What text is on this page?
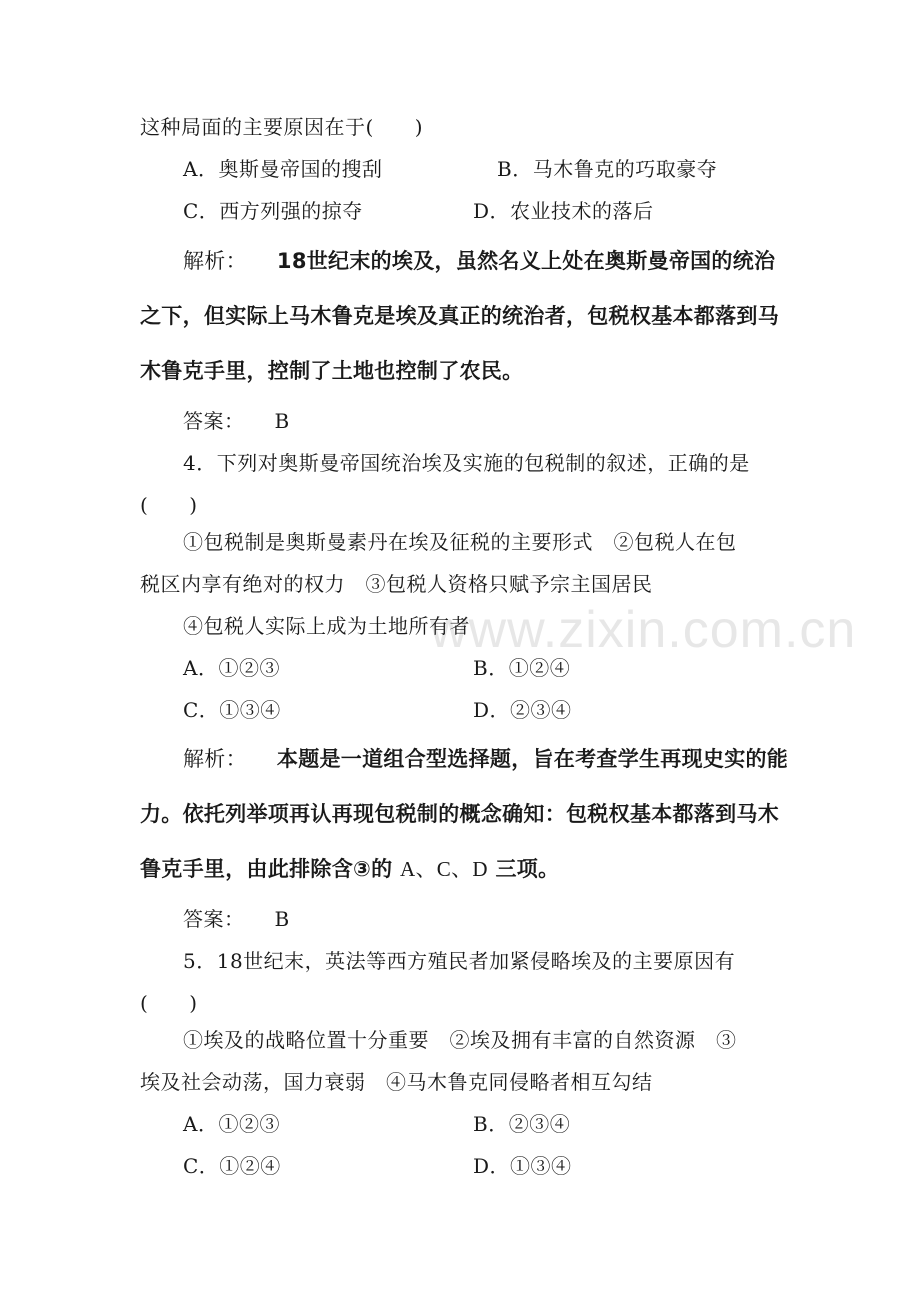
www.zixin.com.cn
这种局面的主要原因在于(　　)
A．奥斯曼帝国的搜刮	B．马木鲁克的巧取豪夺
C．西方列强的掠夺	D．农业技术的落后
解析： 18世纪末的埃及，虽然名义上处在奥斯曼帝国的统治
之下，但实际上马木鲁克是埃及真正的统治者，包税权基本都落到马
木鲁克手里，控制了土地也控制了农民。
答案： B
4．下列对奥斯曼帝国统治埃及实施的包税制的叙述，正确的是
(　　)
①包税制是奥斯曼素丹在埃及征税的主要形式　②包税人在包
税区内享有绝对的权力　③包税人资格只赋予宗主国居民
④包税人实际上成为土地所有者
A．①②③	B．①②④
C．①③④	D．②③④
解析： 本题是一道组合型选择题，旨在考查学生再现史实的能
力。依托列举项再认再现包税制的概念确知：包税权基本都落到马木
鲁克手里，由此排除含③的 A、C、D 三项。
答案： B
5．18世纪末，英法等西方殖民者加紧侵略埃及的主要原因有
(　　)
①埃及的战略位置十分重要　②埃及拥有丰富的自然资源　③
埃及社会动荡，国力衰弱　④马木鲁克同侵略者相互勾结
A．①②③	B．②③④
C．①②④	D．①③④
